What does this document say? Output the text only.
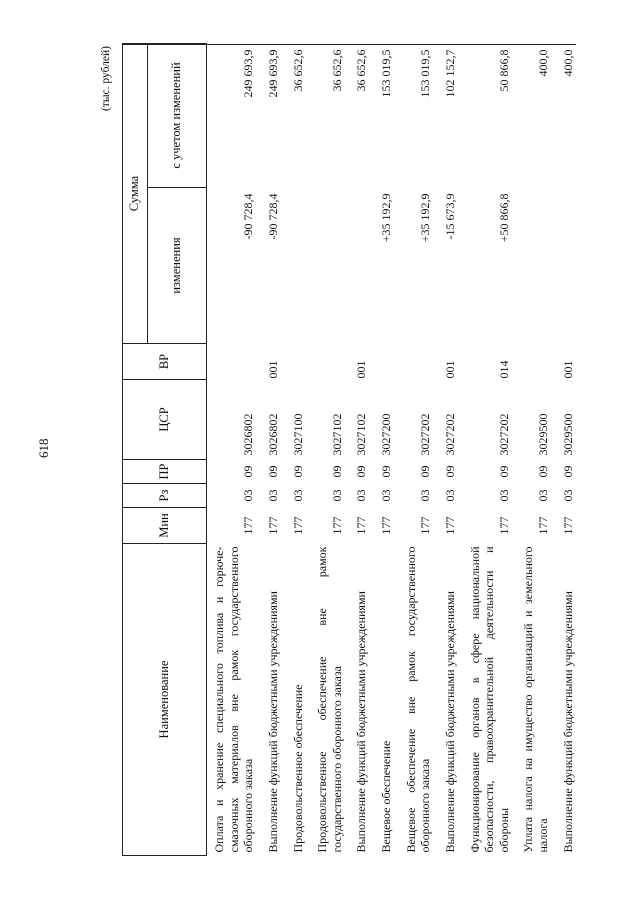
618
(тыс. рублей)
Наименование	Мин	Рз	ПР	ЦСР	ВР	Сумма	
						изменения	с учетом изменений
Оплата и хранение специального топлива и горюче-смазочных материалов вне рамок государственного оборонного заказа	177	03	09	3026802		-90 728,4	249 693,9
Выполнение функций бюджетными учреждениями	177	03	09	3026802	001	-90 728,4	249 693,9
Продовольственное обеспечение	177	03	09	3027100			36 652,6
Продовольственное обеспечение вне рамок государственного оборонного заказа	177	03	09	3027102			36 652,6
Выполнение функций бюджетными учреждениями	177	03	09	3027102	001		36 652,6
Вещевое обеспечение	177	03	09	3027200		+35 192,9	153 019,5
Вещевое обеспечение вне рамок государственного оборонного заказа	177	03	09	3027202		+35 192,9	153 019,5
Выполнение функций бюджетными учреждениями	177	03	09	3027202	001	-15 673,9	102 152,7
Функционирование органов в сфере национальной безопасности, правоохранительной деятельности и обороны	177	03	09	3027202	014	+50 866,8	50 866,8
Уплата налога на имущество организаций и земельного налога	177	03	09	3029500			400,0
Выполнение функций бюджетными учреждениями	177	03	09	3029500	001		400,0
